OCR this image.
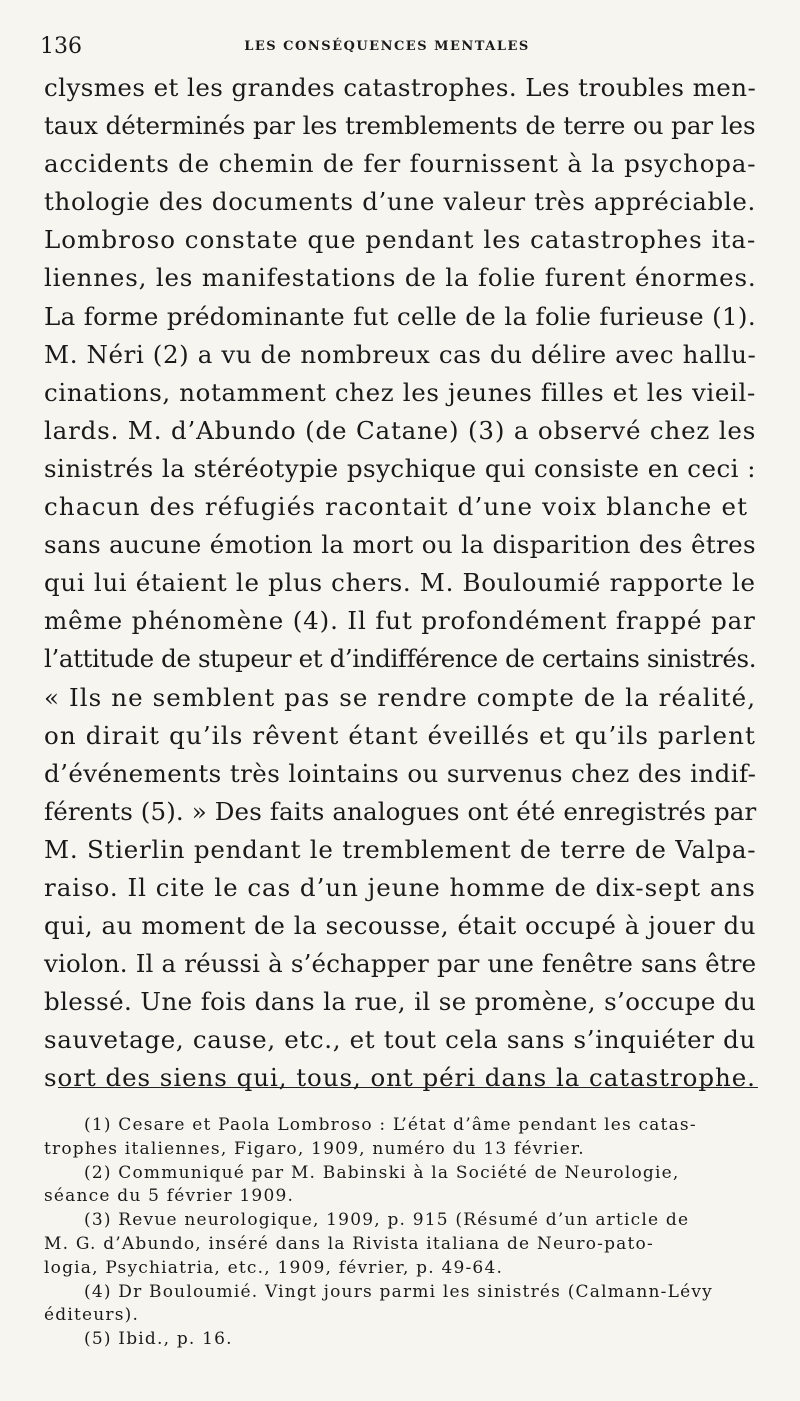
136	LES CONSÉQUENCES MENTALES
clysmes et les grandes catastrophes. Les troubles men-
taux déterminés par les tremblements de terre ou par les
accidents de chemin de fer fournissent à la psychopa-
thologie des documents d’une valeur très appréciable.
Lombroso constate que pendant les catastrophes ita-
liennes, les manifestations de la folie furent énormes.
La forme prédominante fut celle de la folie furieuse (1).
M. Néri (2) a vu de nombreux cas du délire avec hallu-
cinations, notamment chez les jeunes filles et les vieil-
lards. M. d’Abundo (de Catane) (3) a observé chez les
sinistrés la stéréotypie psychique qui consiste en ceci :
chacun des réfugiés racontait d’une voix blanche et
sans aucune émotion la mort ou la disparition des êtres
qui lui étaient le plus chers. M. Bouloumié rapporte le
même phénomène (4). Il fut profondément frappé par
l’attitude de stupeur et d’indifférence de certains sinistrés.
« Ils ne semblent pas se rendre compte de la réalité,
on dirait qu’ils rêvent étant éveillés et qu’ils parlent
d’événements très lointains ou survenus chez des indif-
férents (5). » Des faits analogues ont été enregistrés par
M. Stierlin pendant le tremblement de terre de Valpa-
raiso. Il cite le cas d’un jeune homme de dix-sept ans
qui, au moment de la secousse, était occupé à jouer du
violon. Il a réussi à s’échapper par une fenêtre sans être
blessé. Une fois dans la rue, il se promène, s’occupe du
sauvetage, cause, etc., et tout cela sans s’inquiéter du
sort des siens qui, tous, ont péri dans la catastrophe.
(1) Cesare et Paola Lombroso : L’état d’âme pendant les catas-
trophes italiennes, Figaro, 1909, numéro du 13 février.
(2) Communiqué par M. Babinski à la Société de Neurologie,
séance du 5 février 1909.
(3) Revue neurologique, 1909, p. 915 (Résumé d’un article de
M. G. d’Abundo, inséré dans la Rivista italiana de Neuro-pato-
logia, Psychiatria, etc., 1909, février, p. 49-64.
(4) Dr Bouloumié. Vingt jours parmi les sinistrés (Calmann-Lévy
éditeurs).
(5) Ibid., p. 16.
